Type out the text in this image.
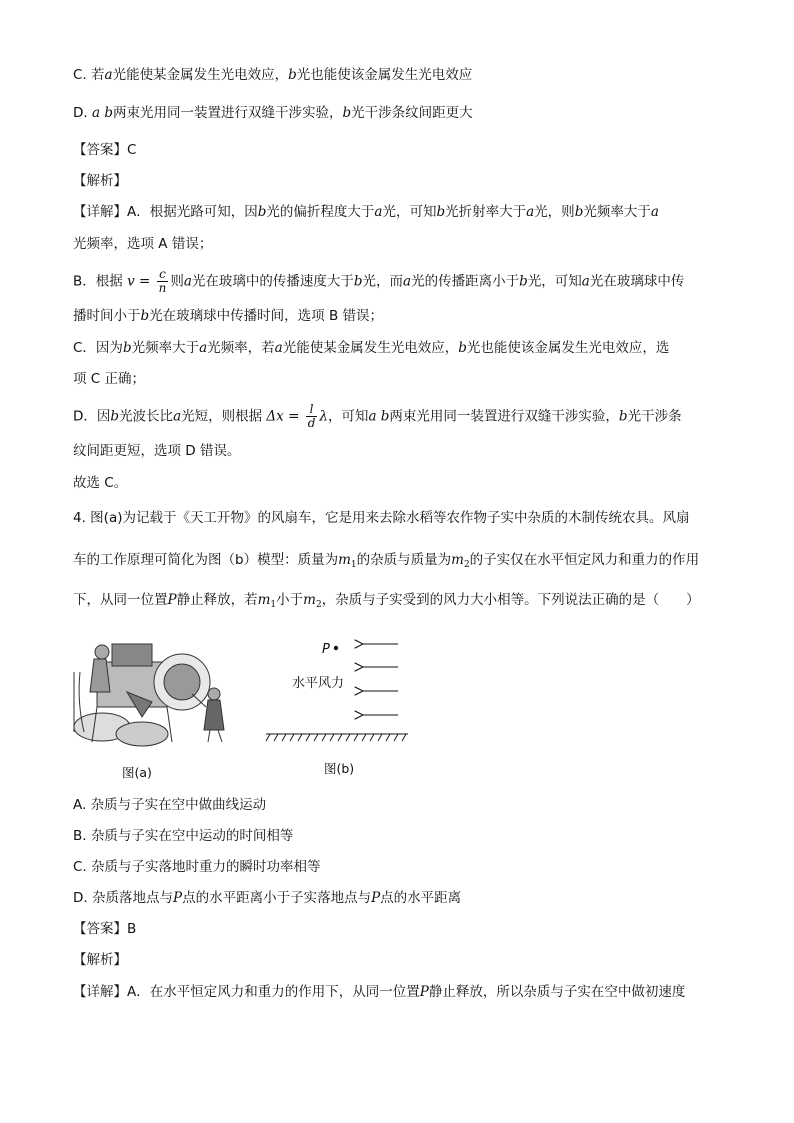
C. 若a光能使某金属发生光电效应，b光也能使该金属发生光电效应
D. a b两束光用同一装置进行双缝干涉实验，b光干涉条纹间距更大
【答案】C
【解析】
【详解】A．根据光路可知，因b光的偏折程度大于a光，可知b光折射率大于a光，则b光频率大于a
光频率，选项 A 错误；
B．根据 $v = \frac{c}{n}$ 则a光在玻璃中的传播速度大于b光，而a光的传播距离小于b光，可知a光在玻璃球中传
播时间小于b光在玻璃球中传播时间，选项 B 错误；
C．因为b光频率大于a光频率，若a光能使某金属发生光电效应，b光也能使该金属发生光电效应，选
项 C 正确；
D．因b光波长比a光短，则根据 $\Delta x = \frac{l}{d}$ λ，可知a b两束光用同一装置进行双缝干涉实验，b光干涉条
纹间距更短，选项 D 错误。
故选 C。
4. 图(a)为记载于《天工开物》的风扇车，它是用来去除水稻等农作物子实中杂质的木制传统农具。风扇
车的工作原理可简化为图（b）模型：质量为$m_1$的杂质与质量为$m_2$的子实仅在水平恒定风力和重力的作用
下，从同一位置P静止释放，若$m_1$小于$m_2$，杂质与子实受到的风力大小相等。下列说法正确的是（　　）
图(a)
P
水平风力
图(b)
A. 杂质与子实在空中做曲线运动
B. 杂质与子实在空中运动的时间相等
C. 杂质与子实落地时重力的瞬时功率相等
D. 杂质落地点与P点的水平距离小于子实落地点与P点的水平距离
【答案】B
【解析】
【详解】A．在水平恒定风力和重力的作用下，从同一位置P静止释放，所以杂质与子实在空中做初速度
